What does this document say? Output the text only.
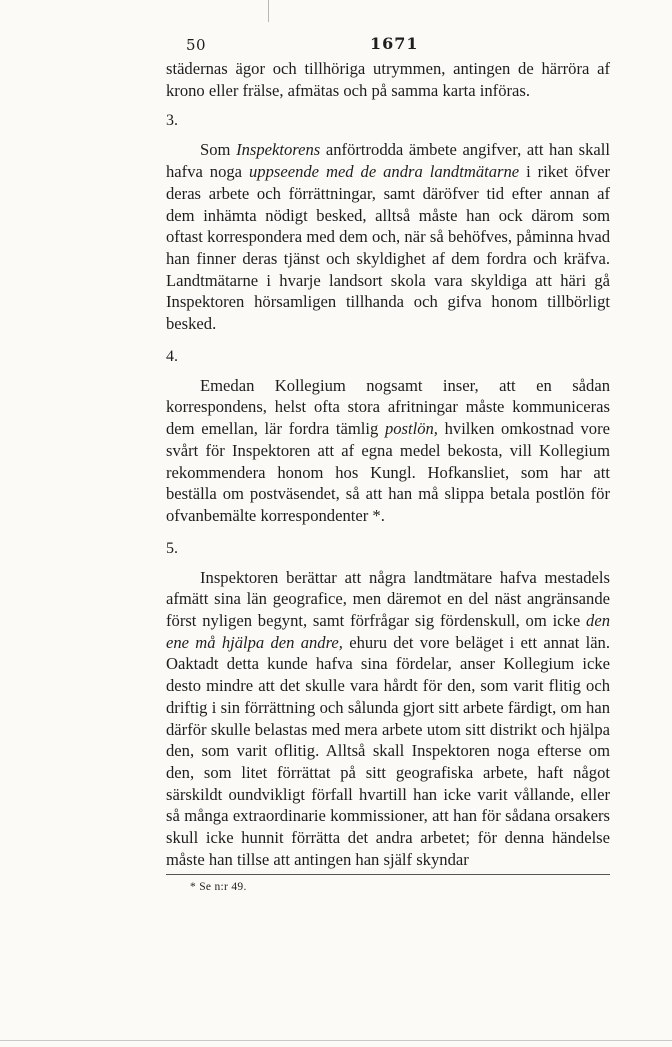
50	1671

städernas ägor och tillhöriga utrymmen, antingen de härröra af krono eller frälse, afmätas och på samma karta införas.

3.

Som Inspektorens anförtrodda ämbete angifver, att han skall hafva noga uppseende med de andra landtmätarne i riket öfver deras arbete och förrättningar, samt däröfver tid efter annan af dem inhämta nödigt besked, alltså måste han ock därom som oftast korrespondera med dem och, när så behöfves, påminna hvad han finner deras tjänst och skyldighet af dem fordra och kräfva. Landtmätarne i hvarje landsort skola vara skyldiga att häri gå Inspektoren hörsamligen tillhanda och gifva honom tillbörligt besked.

4.

Emedan Kollegium nogsamt inser, att en sådan korrespondens, helst ofta stora afritningar måste kommuniceras dem emellan, lär fordra tämlig postlön, hvilken omkostnad vore svårt för Inspektoren att af egna medel bekosta, vill Kollegium rekommendera honom hos Kungl. Hofkansliet, som har att beställa om postväsendet, så att han må slippa betala postlön för ofvanbemälte korrespondenter *.

5.

Inspektoren berättar att några landtmätare hafva mestadels afmätt sina län geografice, men däremot en del näst angränsande först nyligen begynt, samt förfrågar sig fördenskull, om icke den ene må hjälpa den andre, ehuru det vore beläget i ett annat län. Oaktadt detta kunde hafva sina fördelar, anser Kollegium icke desto mindre att det skulle vara hårdt för den, som varit flitig och driftig i sin förrättning och sålunda gjort sitt arbete färdigt, om han därför skulle belastas med mera arbete utom sitt distrikt och hjälpa den, som varit oflitig. Alltså skall Inspektoren noga efterse om den, som litet förrättat på sitt geografiska arbete, haft något särskildt oundvikligt förfall hvartill han icke varit vållande, eller så många extraordinarie kommissioner, att han för sådana orsakers skull icke hunnit förrätta det andra arbetet; för denna händelse måste han tillse att antingen han själf skyndar

* Se n:r 49.
